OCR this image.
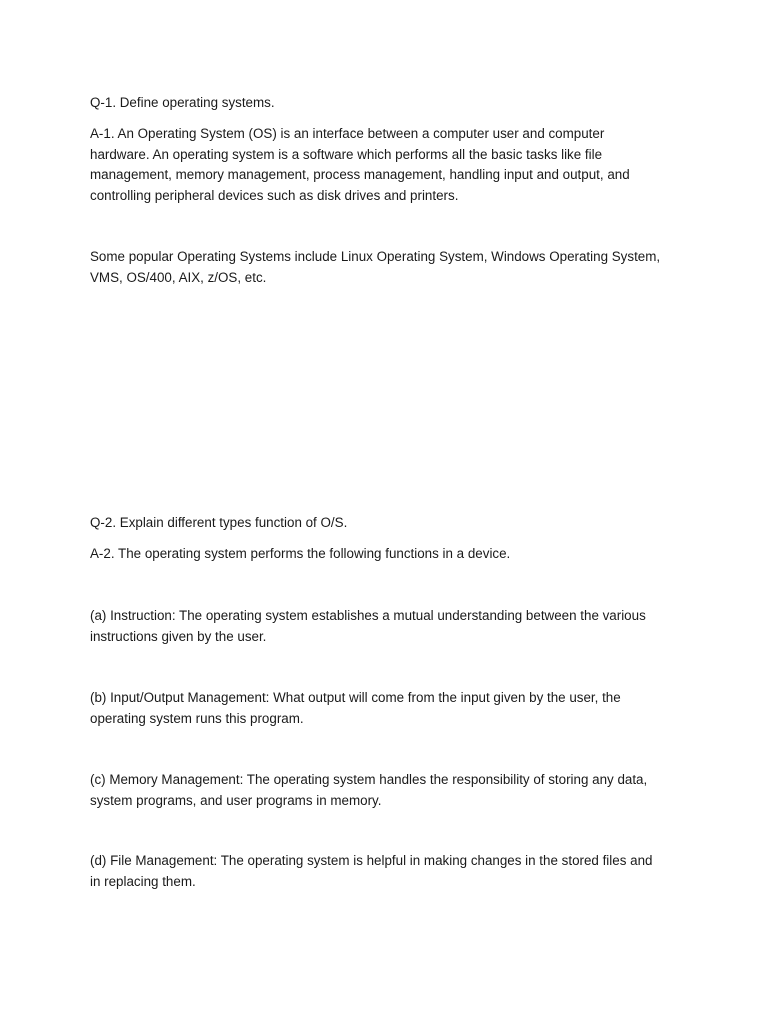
Q-1. Define operating systems.

A-1. An Operating System (OS) is an interface between a computer user and computer
hardware. An operating system is a software which performs all the basic tasks like file
management, memory management, process management, handling input and output, and
controlling peripheral devices such as disk drives and printers.

Some popular Operating Systems include Linux Operating System, Windows Operating System,
VMS, OS/400, AIX, z/OS, etc.

Q-2. Explain different types function of O/S.

A-2. The operating system performs the following functions in a device.

(a) Instruction: The operating system establishes a mutual understanding between the various
instructions given by the user.

(b) Input/Output Management: What output will come from the input given by the user, the
operating system runs this program.

(c) Memory Management: The operating system handles the responsibility of storing any data,
system programs, and user programs in memory.

(d) File Management: The operating system is helpful in making changes in the stored files and
in replacing them.
